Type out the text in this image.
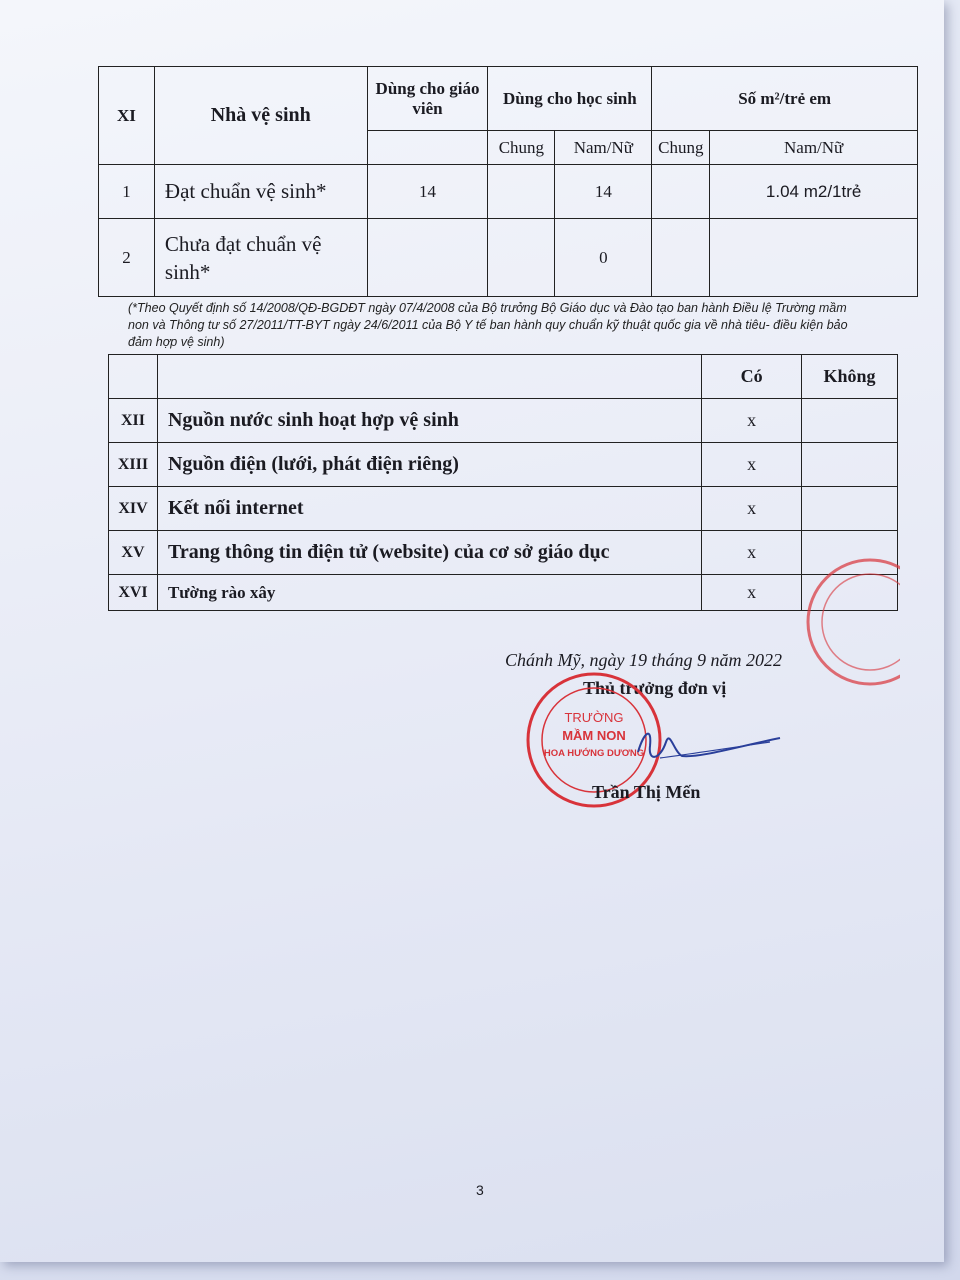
XI	Nhà vệ sinh	Dùng cho giáo viên	Dùng cho học sinh		Số m²/trẻ em	
			Chung	Nam/Nữ	Chung	Nam/Nữ
1	Đạt chuẩn vệ sinh*	14		14		1.04 m2/1trẻ
2	Chưa đạt chuẩn vệ sinh*			0		
(*Theo Quyết định số 14/2008/QĐ-BGDĐT ngày 07/4/2008 của Bộ trưởng Bộ Giáo dục và Đào tạo ban hành Điều lệ Trường mầm non và Thông tư số 27/2011/TT-BYT ngày 24/6/2011 của Bộ Y tế ban hành quy chuẩn kỹ thuật quốc gia về nhà tiêu- điều kiện bảo đảm hợp vệ sinh)
		Có	Không
XII	Nguồn nước sinh hoạt hợp vệ sinh	x	
XIII	Nguồn điện (lưới, phát điện riêng)	x	
XIV	Kết nối internet	x	
XV	Trang thông tin điện tử (website) của cơ sở giáo dục	x	
XVI	Tường rào xây	x	
Chánh Mỹ, ngày 19 tháng 9 năm 2022
Thủ trưởng đơn vị
TRƯỜNG
MẦM NON
HOA HƯỚNG DƯƠNG
Trần Thị Mến
3
